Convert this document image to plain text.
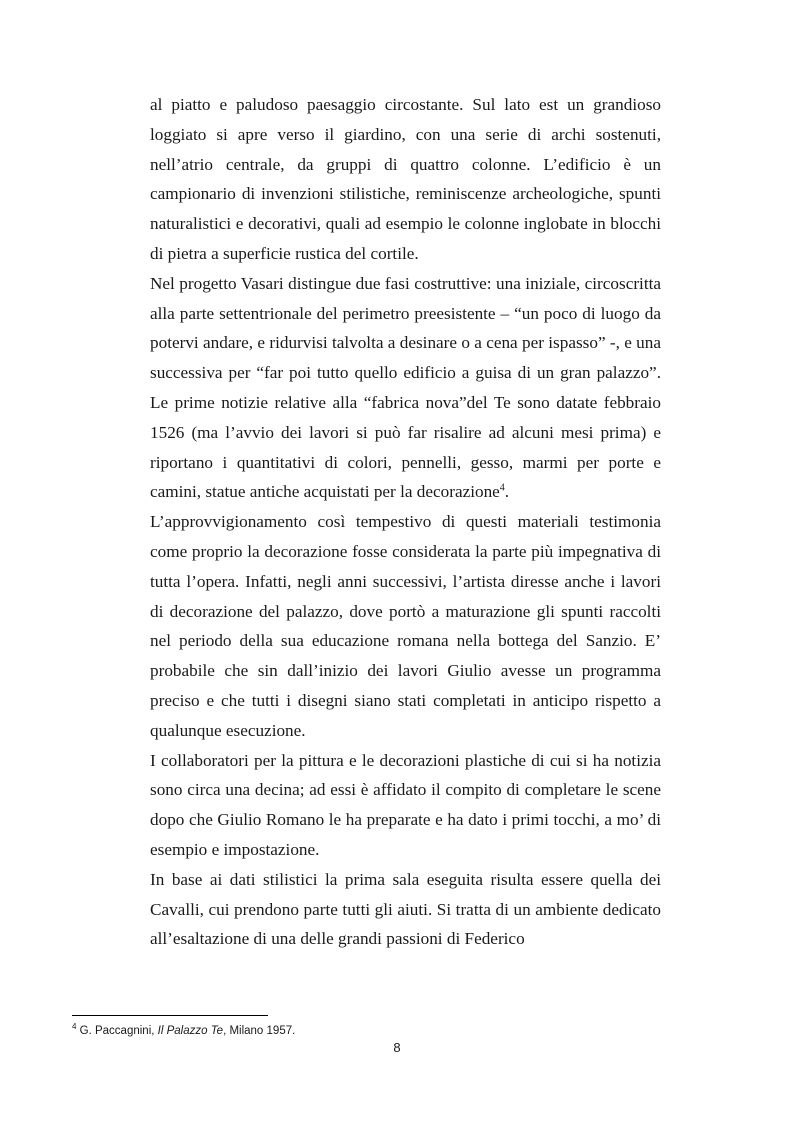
al piatto e paludoso paesaggio circostante. Sul lato est un grandioso loggiato si apre verso il giardino, con una serie di archi sostenuti, nell’atrio centrale, da gruppi di quattro colonne. L’edificio è un campionario di invenzioni stilistiche, reminiscenze archeologiche, spunti naturalistici e decorativi, quali ad esempio le colonne inglobate in blocchi di pietra a superficie rustica del cortile.

Nel progetto Vasari distingue due fasi costruttive: una iniziale, circoscritta alla parte settentrionale del perimetro preesistente – “un poco di luogo da potervi andare, e ridurvisi talvolta a desinare o a cena per ispasso” -, e una successiva per “far poi tutto quello edificio a guisa di un gran palazzo”. Le prime notizie relative alla “fabrica nova”del Te sono datate febbraio 1526 (ma l’avvio dei lavori si può far risalire ad alcuni mesi prima) e riportano i quantitativi di colori, pennelli, gesso, marmi per porte e camini, statue antiche acquistati per la decorazione$^4$.

L’approvvigionamento così tempestivo di questi materiali testimonia come proprio la decorazione fosse considerata la parte più impegnativa di tutta l’opera. Infatti, negli anni successivi, l’artista diresse anche i lavori di decorazione del palazzo, dove portò a maturazione gli spunti raccolti nel periodo della sua educazione romana nella bottega del Sanzio. E’ probabile che sin dall’inizio dei lavori Giulio avesse un programma preciso e che tutti i disegni siano stati completati in anticipo rispetto a qualunque esecuzione.

I collaboratori per la pittura e le decorazioni plastiche di cui si ha notizia sono circa una decina; ad essi è affidato il compito di completare le scene dopo che Giulio Romano le ha preparate e ha dato i primi tocchi, a mo’ di esempio e impostazione.

In base ai dati stilistici la prima sala eseguita risulta essere quella dei Cavalli, cui prendono parte tutti gli aiuti. Si tratta di un ambiente dedicato all’esaltazione di una delle grandi passioni di Federico

$^4$ G. Paccagnini, Il Palazzo Te, Milano 1957.
8
